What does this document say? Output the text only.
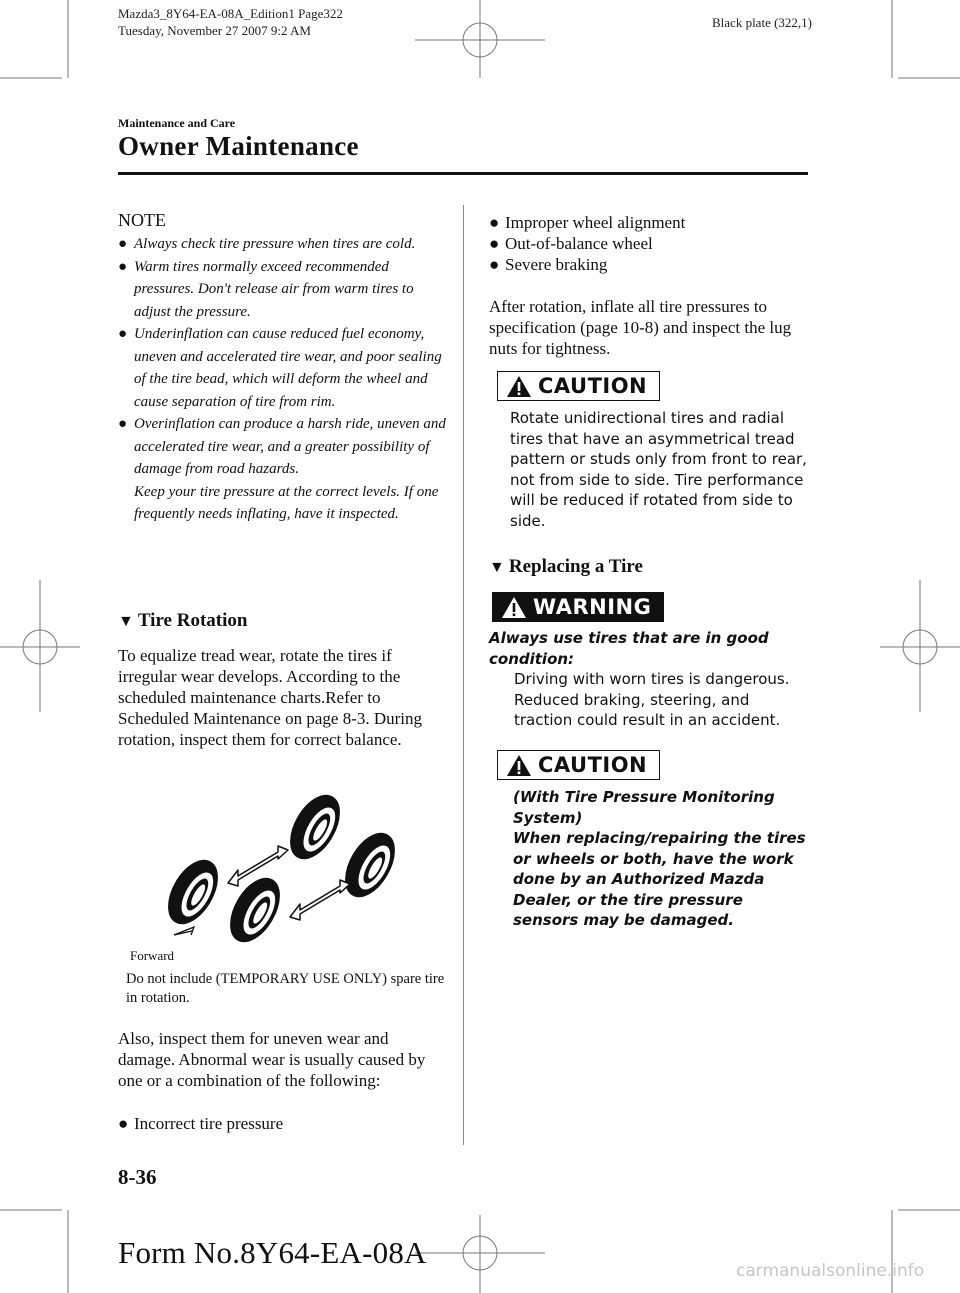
Mazda3_8Y64-EA-08A_Edition1 Page322
Tuesday, November 27 2007 9:2 AM
Black plate (322,1)
Maintenance and Care
Owner Maintenance
NOTE
● Always check tire pressure when tires are cold.
● Warm tires normally exceed recommended pressures. Don't release air from warm tires to adjust the pressure.
● Underinflation can cause reduced fuel economy, uneven and accelerated tire wear, and poor sealing of the tire bead, which will deform the wheel and cause separation of tire from rim.
● Overinflation can produce a harsh ride, uneven and accelerated tire wear, and a greater possibility of damage from road hazards.
Keep your tire pressure at the correct levels. If one frequently needs inflating, have it inspected.
▼ Tire Rotation
To equalize tread wear, rotate the tires if irregular wear develops. According to the scheduled maintenance charts.Refer to Scheduled Maintenance on page 8-3. During rotation, inspect them for correct balance.
Forward
Do not include (TEMPORARY USE ONLY) spare tire in rotation.
Also, inspect them for uneven wear and damage. Abnormal wear is usually caused by one or a combination of the following:
● Incorrect tire pressure
● Improper wheel alignment
● Out-of-balance wheel
● Severe braking
After rotation, inflate all tire pressures to specification (page 10-8) and inspect the lug nuts for tightness.
CAUTION
Rotate unidirectional tires and radial tires that have an asymmetrical tread pattern or studs only from front to rear, not from side to side. Tire performance will be reduced if rotated from side to side.
▼ Replacing a Tire
WARNING
Always use tires that are in good condition:
Driving with worn tires is dangerous. Reduced braking, steering, and traction could result in an accident.
CAUTION
(With Tire Pressure Monitoring System)
When replacing/repairing the tires or wheels or both, have the work done by an Authorized Mazda Dealer, or the tire pressure sensors may be damaged.
8-36
Form No.8Y64-EA-08A
carmanualsonline.info
